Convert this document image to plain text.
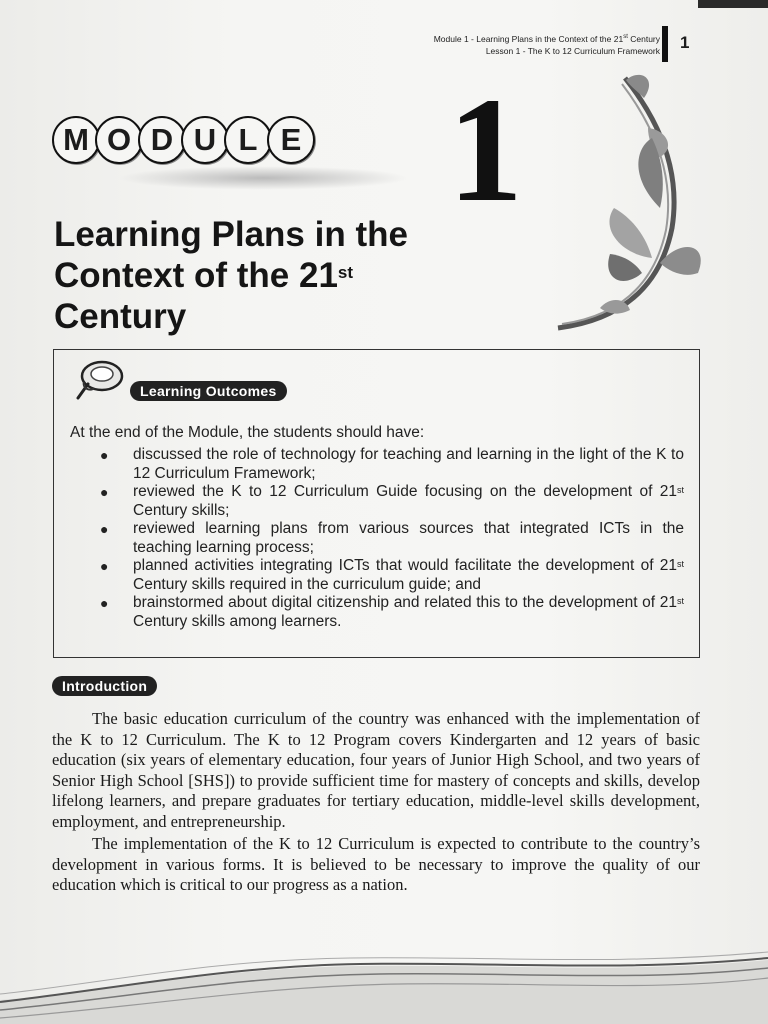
Module 1 - Learning Plans in the Context of the 21st Century
Lesson 1 - The K to 12 Curriculum Framework 1
M O D U L E 1
Learning Plans in the
Context of the 21st
Century
Learning Outcomes
At the end of the Module, the students should have:
● discussed the role of technology for teaching and learning in the light of the K to 12 Curriculum Framework;
● reviewed the K to 12 Curriculum Guide focusing on the development of 21st Century skills;
● reviewed learning plans from various sources that integrated ICTs in the teaching learning process;
● planned activities integrating ICTs that would facilitate the development of 21st Century skills required in the curriculum guide; and
● brainstormed about digital citizenship and related this to the development of 21st Century skills among learners.
Introduction

The basic education curriculum of the country was enhanced with the implementation of the K to 12 Curriculum. The K to 12 Program covers Kindergarten and 12 years of basic education (six years of elementary education, four years of Junior High School, and two years of Senior High School [SHS]) to provide sufficient time for mastery of concepts and skills, develop lifelong learners, and prepare graduates for tertiary education, middle-level skills development, employment, and entrepreneurship.

The implementation of the K to 12 Curriculum is expected to contribute to the country’s development in various forms. It is believed to be necessary to improve the quality of our education which is critical to our progress as a nation.
